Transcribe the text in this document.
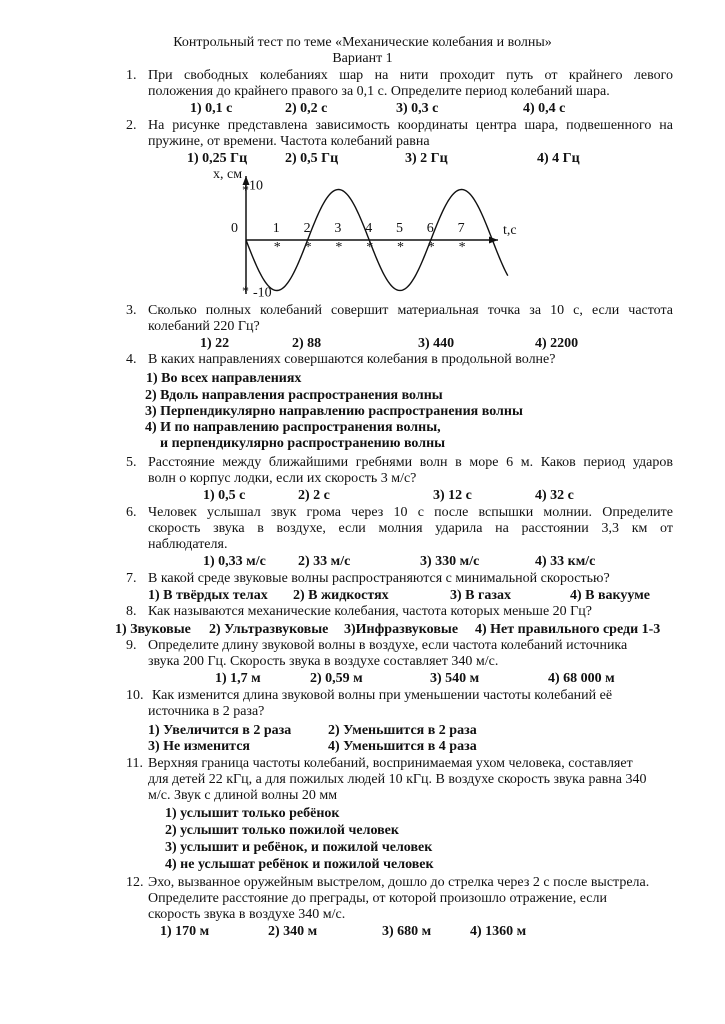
Контрольный тест по теме «Механические колебания и волны»
Вариант 1
1. При свободных колебаниях шар на нити проходит путь от крайнего левого
положения до крайнего правого за 0,1 с. Определите период колебаний шара.
1) 0,1 с	2) 0,2 с	3) 0,3 с	4) 0,4 с
2. На рисунке представлена зависимость координаты центра шара, подвешенного на
пружине, от времени. Частота колебаний равна
1) 0,25 Гц	2) 0,5 Гц	3) 2 Гц	4) 4 Гц
x, см
t,c
0
* 10
* -10
*
1
*
2
*
3
*
4
*
5
*
6
*
7
3. Сколько полных колебаний совершит материальная точка за 10 с, если частота
колебаний 220 Гц?
1) 22	2) 88	3) 440	4) 2200
4. В каких направлениях совершаются колебания в продольной волне?
1) Во всех направлениях
2) Вдоль направления распространения волны
3) Перпендикулярно направлению распространения волны
4) И по направлению распространения волны,
и перпендикулярно распространению волны
5. Расстояние между ближайшими гребнями волн в море 6 м. Каков период ударов
волн о корпус лодки, если их скорость 3 м/с?
1) 0,5 с	2) 2 с	3) 12 с	4) 32 с
6. Человек услышал звук грома через 10 с после вспышки молнии. Определите
скорость звука в воздухе, если молния ударила на расстоянии 3,3 км от
наблюдателя.
1) 0,33 м/с 2) 33 м/с	3) 330 м/с	4) 33 км/с
7. В какой среде звуковые волны распространяются с минимальной скоростью?
1) В твёрдых телах 2) В жидкостях	3) В газах	4) В вакууме
8. Как называются механические колебания, частота которых меньше 20 Гц?
1) Звуковые 2) Ультразвуковые 3)Инфразвуковые 4) Нет правильного среди 1-3
9. Определите длину звуковой волны в воздухе, если частота колебаний источника
звука 200 Гц. Скорость звука в воздухе составляет 340 м/с.
1) 1,7 м	2) 0,59 м	3) 540 м	4) 68 000 м
10. Как изменится длина звуковой волны при уменьшении частоты колебаний её
источника в 2 раза?
1) Увеличится в 2 раза	2) Уменьшится в 2 раза
3) Не изменится	4) Уменьшится в 4 раза
11. Верхняя граница частоты колебаний, воспринимаемая ухом человека, составляет
для детей 22 кГц, а для пожилых людей 10 кГц. В воздухе скорость звука равна 340
м/с. Звук с длиной волны 20 мм
1) услышит только ребёнок
2) услышит только пожилой человек
3) услышит и ребёнок, и пожилой человек
4) не услышат ребёнок и пожилой человек
12. Эхо, вызванное оружейным выстрелом, дошло до стрелка через 2 с после выстрела.
Определите расстояние до преграды, от которой произошло отражение, если
скорость звука в воздухе 340 м/с.
1) 170 м	2) 340 м	3) 680 м	4) 1360 м
